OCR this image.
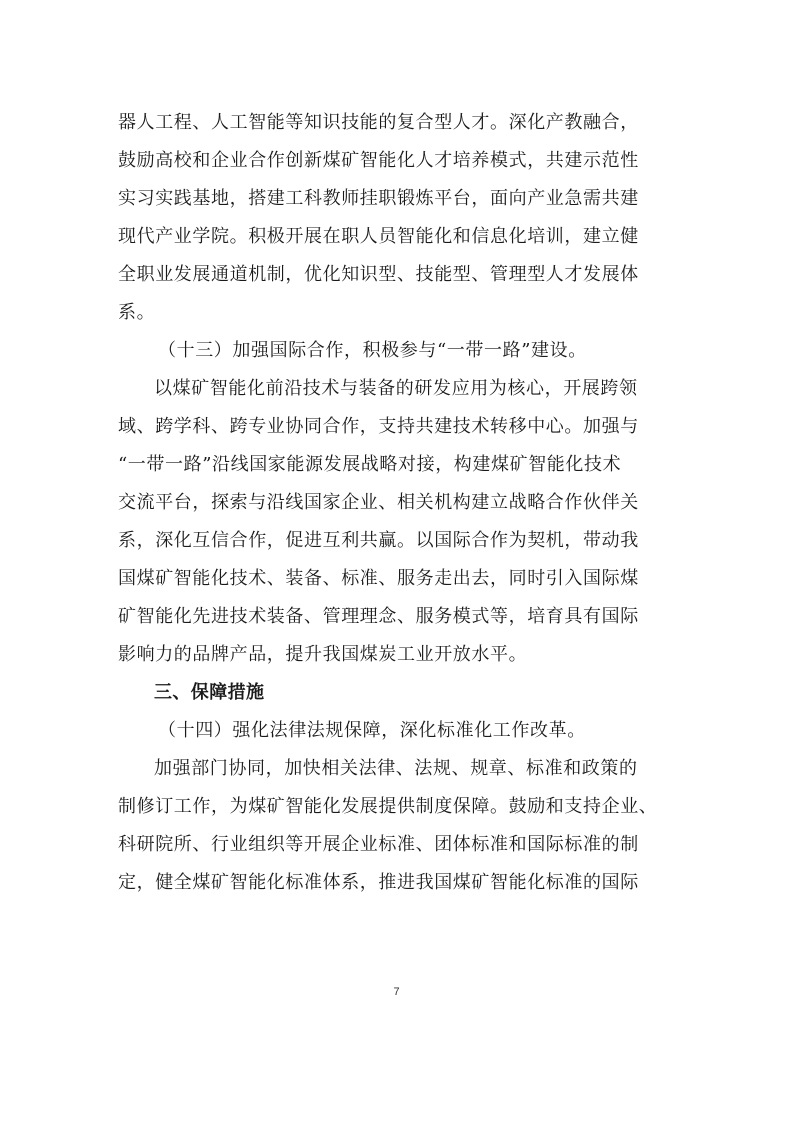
器人工程、人工智能等知识技能的复合型人才。深化产教融合，
鼓励高校和企业合作创新煤矿智能化人才培养模式，共建示范性
实习实践基地，搭建工科教师挂职锻炼平台，面向产业急需共建
现代产业学院。积极开展在职人员智能化和信息化培训，建立健
全职业发展通道机制，优化知识型、技能型、管理型人才发展体
系。
（十三）加强国际合作，积极参与“一带一路”建设。
以煤矿智能化前沿技术与装备的研发应用为核心，开展跨领
域、跨学科、跨专业协同合作，支持共建技术转移中心。加强与
“一带一路”沿线国家能源发展战略对接，构建煤矿智能化技术
交流平台，探索与沿线国家企业、相关机构建立战略合作伙伴关
系，深化互信合作，促进互利共赢。以国际合作为契机，带动我
国煤矿智能化技术、装备、标准、服务走出去，同时引入国际煤
矿智能化先进技术装备、管理理念、服务模式等，培育具有国际
影响力的品牌产品，提升我国煤炭工业开放水平。
三、保障措施
（十四）强化法律法规保障，深化标准化工作改革。
加强部门协同，加快相关法律、法规、规章、标准和政策的
制修订工作，为煤矿智能化发展提供制度保障。鼓励和支持企业、
科研院所、行业组织等开展企业标准、团体标准和国际标准的制
定，健全煤矿智能化标准体系，推进我国煤矿智能化标准的国际
7
